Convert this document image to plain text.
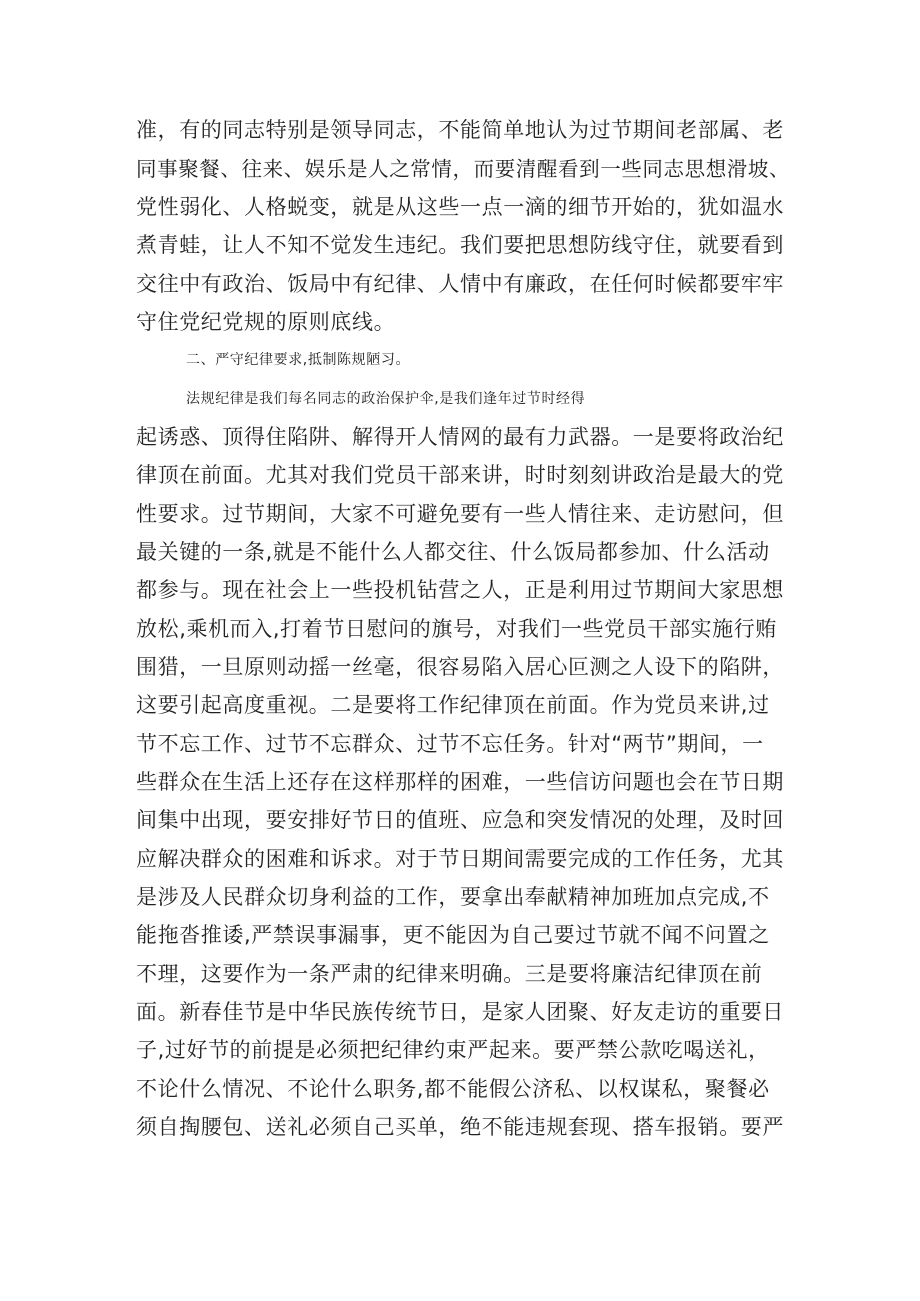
准，有的同志特别是领导同志，不能简单地认为过节期间老部属、老
同事聚餐、往来、娱乐是人之常情，而要清醒看到一些同志思想滑坡、
党性弱化、人格蜕变，就是从这些一点一滴的细节开始的，犹如温水
煮青蛙，让人不知不觉发生违纪。我们要把思想防线守住，就要看到
交往中有政治、饭局中有纪律、人情中有廉政，在任何时候都要牢牢
守住党纪党规的原则底线。
二、严守纪律要求,抵制陈规陋习。
法规纪律是我们每名同志的政治保护伞,是我们逢年过节时经得
起诱惑、顶得住陷阱、解得开人情网的最有力武器。一是要将政治纪
律顶在前面。尤其对我们党员干部来讲，时时刻刻讲政治是最大的党
性要求。过节期间，大家不可避免要有一些人情往来、走访慰问，但
最关键的一条,就是不能什么人都交往、什么饭局都参加、什么活动
都参与。现在社会上一些投机钻营之人，正是利用过节期间大家思想
放松,乘机而入,打着节日慰问的旗号，对我们一些党员干部实施行贿
围猎，一旦原则动摇一丝毫，很容易陷入居心叵测之人设下的陷阱，
这要引起高度重视。二是要将工作纪律顶在前面。作为党员来讲,过
节不忘工作、过节不忘群众、过节不忘任务。针对“两节”期间，一
些群众在生活上还存在这样那样的困难，一些信访问题也会在节日期
间集中出现，要安排好节日的值班、应急和突发情况的处理，及时回
应解决群众的困难和诉求。对于节日期间需要完成的工作任务，尤其
是涉及人民群众切身利益的工作，要拿出奉献精神加班加点完成,不
能拖沓推诿,严禁误事漏事，更不能因为自己要过节就不闻不问置之
不理，这要作为一条严肃的纪律来明确。三是要将廉洁纪律顶在前
面。新春佳节是中华民族传统节日，是家人团聚、好友走访的重要日
子,过好节的前提是必须把纪律约束严起来。要严禁公款吃喝送礼，
不论什么情况、不论什么职务,都不能假公济私、以权谋私，聚餐必
须自掏腰包、送礼必须自己买单，绝不能违规套现、搭车报销。要严
